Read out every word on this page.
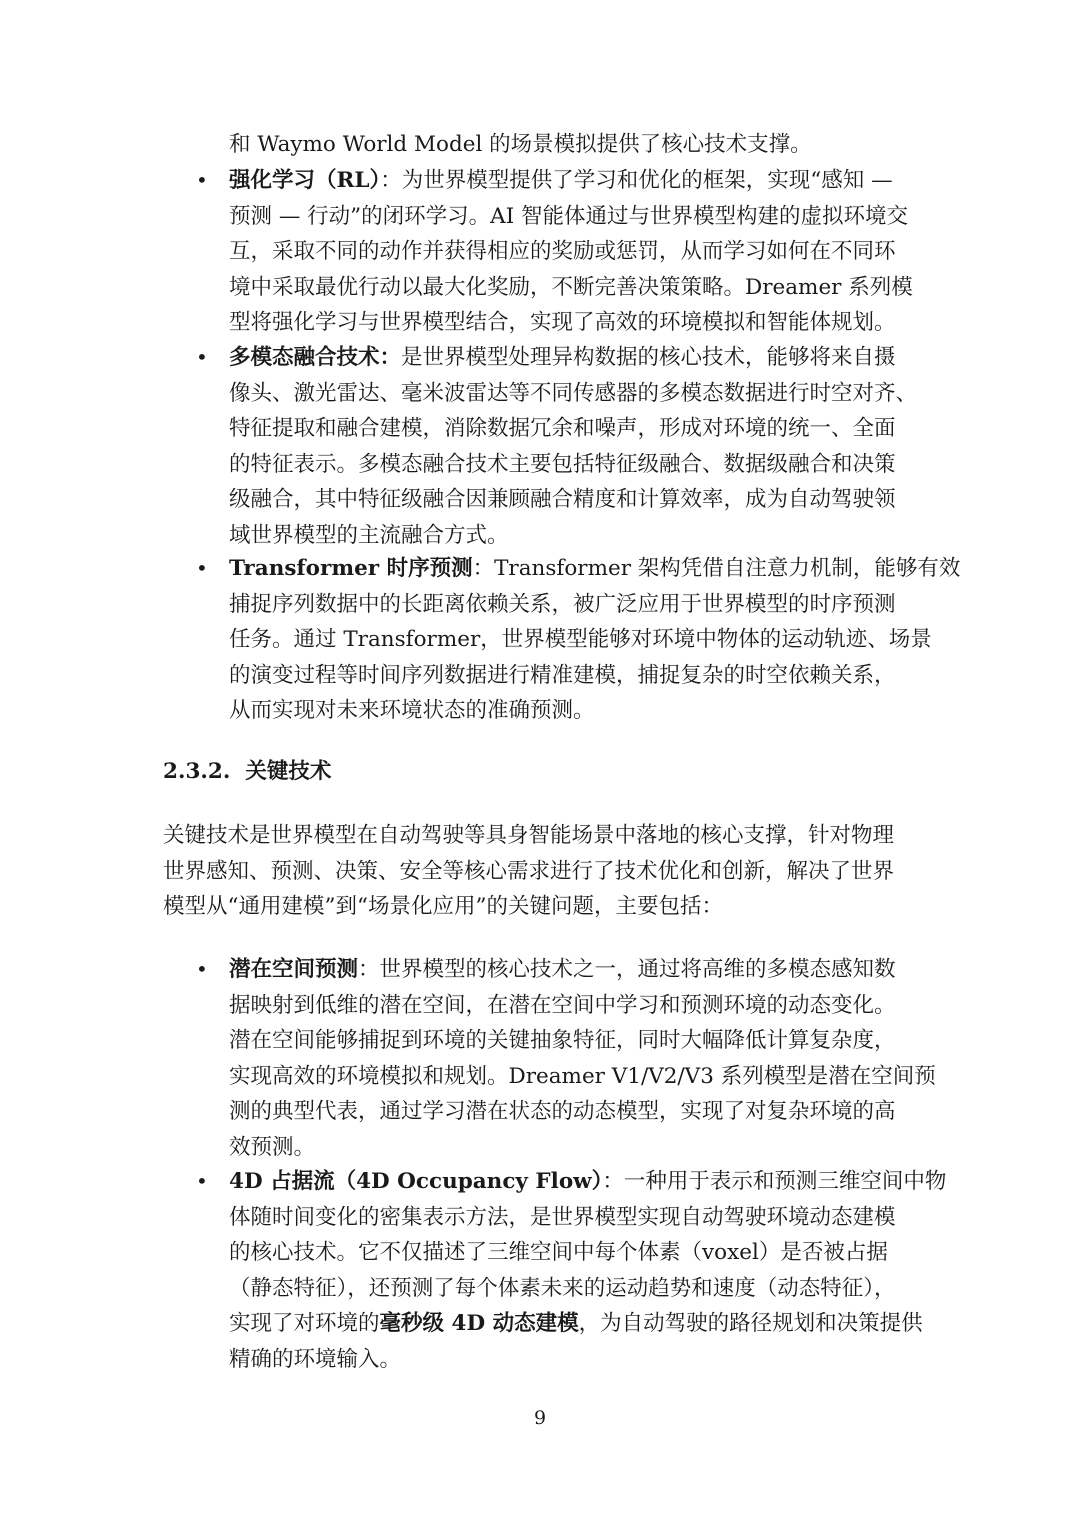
和 Waymo World Model 的场景模拟提供了核心技术支撑。
• 强化学习（RL）：为世界模型提供了学习和优化的框架，实现“感知 —
预测 — 行动”的闭环学习。AI 智能体通过与世界模型构建的虚拟环境交
互，采取不同的动作并获得相应的奖励或惩罚，从而学习如何在不同环
境中采取最优行动以最大化奖励，不断完善决策策略。Dreamer 系列模
型将强化学习与世界模型结合，实现了高效的环境模拟和智能体规划。
• 多模态融合技术：是世界模型处理异构数据的核心技术，能够将来自摄
像头、激光雷达、毫米波雷达等不同传感器的多模态数据进行时空对齐、
特征提取和融合建模，消除数据冗余和噪声，形成对环境的统一、全面
的特征表示。多模态融合技术主要包括特征级融合、数据级融合和决策
级融合，其中特征级融合因兼顾融合精度和计算效率，成为自动驾驶领
域世界模型的主流融合方式。
• Transformer 时序预测：Transformer 架构凭借自注意力机制，能够有效
捕捉序列数据中的长距离依赖关系，被广泛应用于世界模型的时序预测
任务。通过 Transformer，世界模型能够对环境中物体的运动轨迹、场景
的演变过程等时间序列数据进行精准建模，捕捉复杂的时空依赖关系，
从而实现对未来环境状态的准确预测。
2.3.2. 关键技术
关键技术是世界模型在自动驾驶等具身智能场景中落地的核心支撑，针对物理
世界感知、预测、决策、安全等核心需求进行了技术优化和创新，解决了世界
模型从“通用建模”到“场景化应用”的关键问题，主要包括：
• 潜在空间预测：世界模型的核心技术之一，通过将高维的多模态感知数
据映射到低维的潜在空间，在潜在空间中学习和预测环境的动态变化。
潜在空间能够捕捉到环境的关键抽象特征，同时大幅降低计算复杂度，
实现高效的环境模拟和规划。Dreamer V1/V2/V3 系列模型是潜在空间预
测的典型代表，通过学习潜在状态的动态模型，实现了对复杂环境的高
效预测。
• 4D 占据流（4D Occupancy Flow）：一种用于表示和预测三维空间中物
体随时间变化的密集表示方法，是世界模型实现自动驾驶环境动态建模
的核心技术。它不仅描述了三维空间中每个体素（voxel）是否被占据
（静态特征），还预测了每个体素未来的运动趋势和速度（动态特征），
实现了对环境的毫秒级 4D 动态建模，为自动驾驶的路径规划和决策提供
精确的环境输入。
9
